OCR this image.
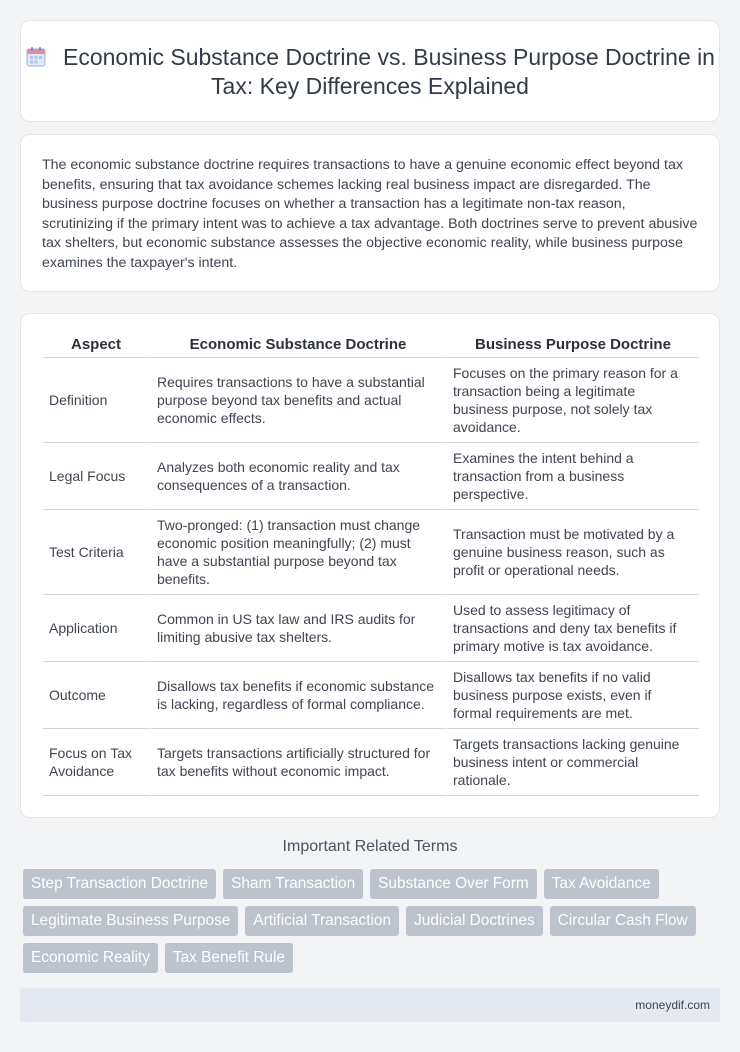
Economic Substance Doctrine vs. Business Purpose Doctrine in Tax: Key Differences Explained

The economic substance doctrine requires transactions to have a genuine economic effect beyond tax benefits, ensuring that tax avoidance schemes lacking real business impact are disregarded. The business purpose doctrine focuses on whether a transaction has a legitimate non-tax reason, scrutinizing if the primary intent was to achieve a tax advantage. Both doctrines serve to prevent abusive tax shelters, but economic substance assesses the objective economic reality, while business purpose examines the taxpayer's intent.

Aspect	Economic Substance Doctrine	Business Purpose Doctrine
Definition	Requires transactions to have a substantial purpose beyond tax benefits and actual economic effects.	Focuses on the primary reason for a transaction being a legitimate business purpose, not solely tax avoidance.
Legal Focus	Analyzes both economic reality and tax consequences of a transaction.	Examines the intent behind a transaction from a business perspective.
Test Criteria	Two-pronged: (1) transaction must change economic position meaningfully; (2) must have a substantial purpose beyond tax benefits.	Transaction must be motivated by a genuine business reason, such as profit or operational needs.
Application	Common in US tax law and IRS audits for limiting abusive tax shelters.	Used to assess legitimacy of transactions and deny tax benefits if primary motive is tax avoidance.
Outcome	Disallows tax benefits if economic substance is lacking, regardless of formal compliance.	Disallows tax benefits if no valid business purpose exists, even if formal requirements are met.
Focus on Tax Avoidance	Targets transactions artificially structured for tax benefits without economic impact.	Targets transactions lacking genuine business intent or commercial rationale.
Important Related Terms
Step Transaction Doctrine	Sham Transaction	Substance Over Form	Tax Avoidance
Legitimate Business Purpose	Artificial Transaction	Judicial Doctrines	Circular Cash Flow
Economic Reality	Tax Benefit Rule
moneydif.com
